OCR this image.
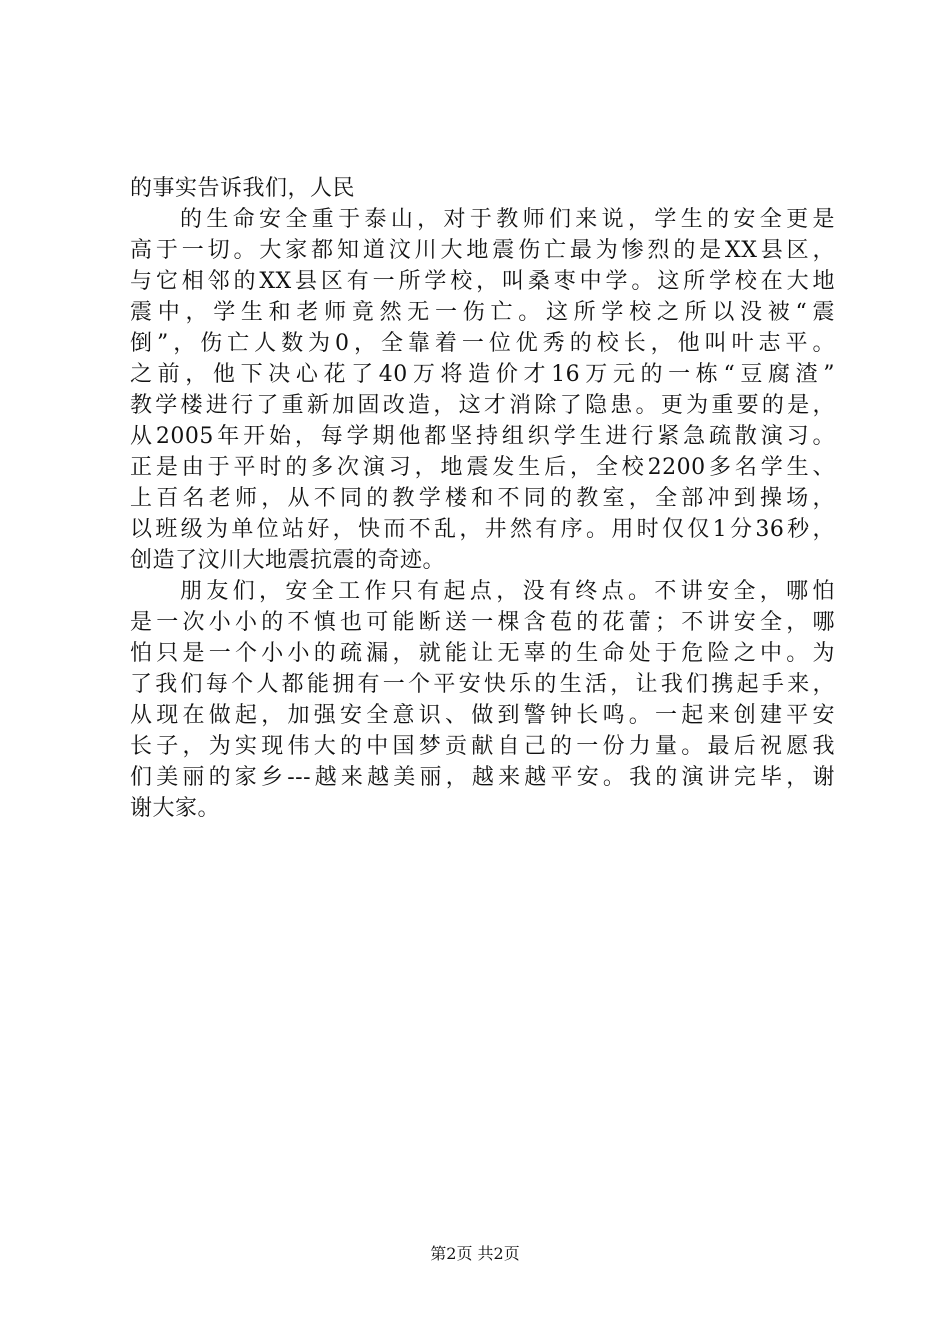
的事实告诉我们，人民
的生命安全重于泰山，对于教师们来说，学生的安全更是
高于一切。大家都知道汶川大地震伤亡最为惨烈的是XX县区，
与它相邻的XX县区有一所学校，叫桑枣中学。这所学校在大地
震中，学生和老师竟然无一伤亡。这所学校之所以没被“震
倒”，伤亡人数为0，全靠着一位优秀的校长，他叫叶志平。
之前，他下决心花了40万将造价才16万元的一栋“豆腐渣”
教学楼进行了重新加固改造，这才消除了隐患。更为重要的是，
从2005年开始，每学期他都坚持组织学生进行紧急疏散演习。
正是由于平时的多次演习，地震发生后，全校2200多名学生、
上百名老师，从不同的教学楼和不同的教室，全部冲到操场，
以班级为单位站好，快而不乱，井然有序。用时仅仅1分36秒，
创造了汶川大地震抗震的奇迹。
朋友们，安全工作只有起点，没有终点。不讲安全，哪怕
是一次小小的不慎也可能断送一棵含苞的花蕾；不讲安全，哪
怕只是一个小小的疏漏，就能让无辜的生命处于危险之中。为
了我们每个人都能拥有一个平安快乐的生活，让我们携起手来，
从现在做起，加强安全意识、做到警钟长鸣。一起来创建平安
长子，为实现伟大的中国梦贡献自己的一份力量。最后祝愿我
们美丽的家乡---越来越美丽，越来越平安。我的演讲完毕，谢
谢大家。
第2页 共2页
